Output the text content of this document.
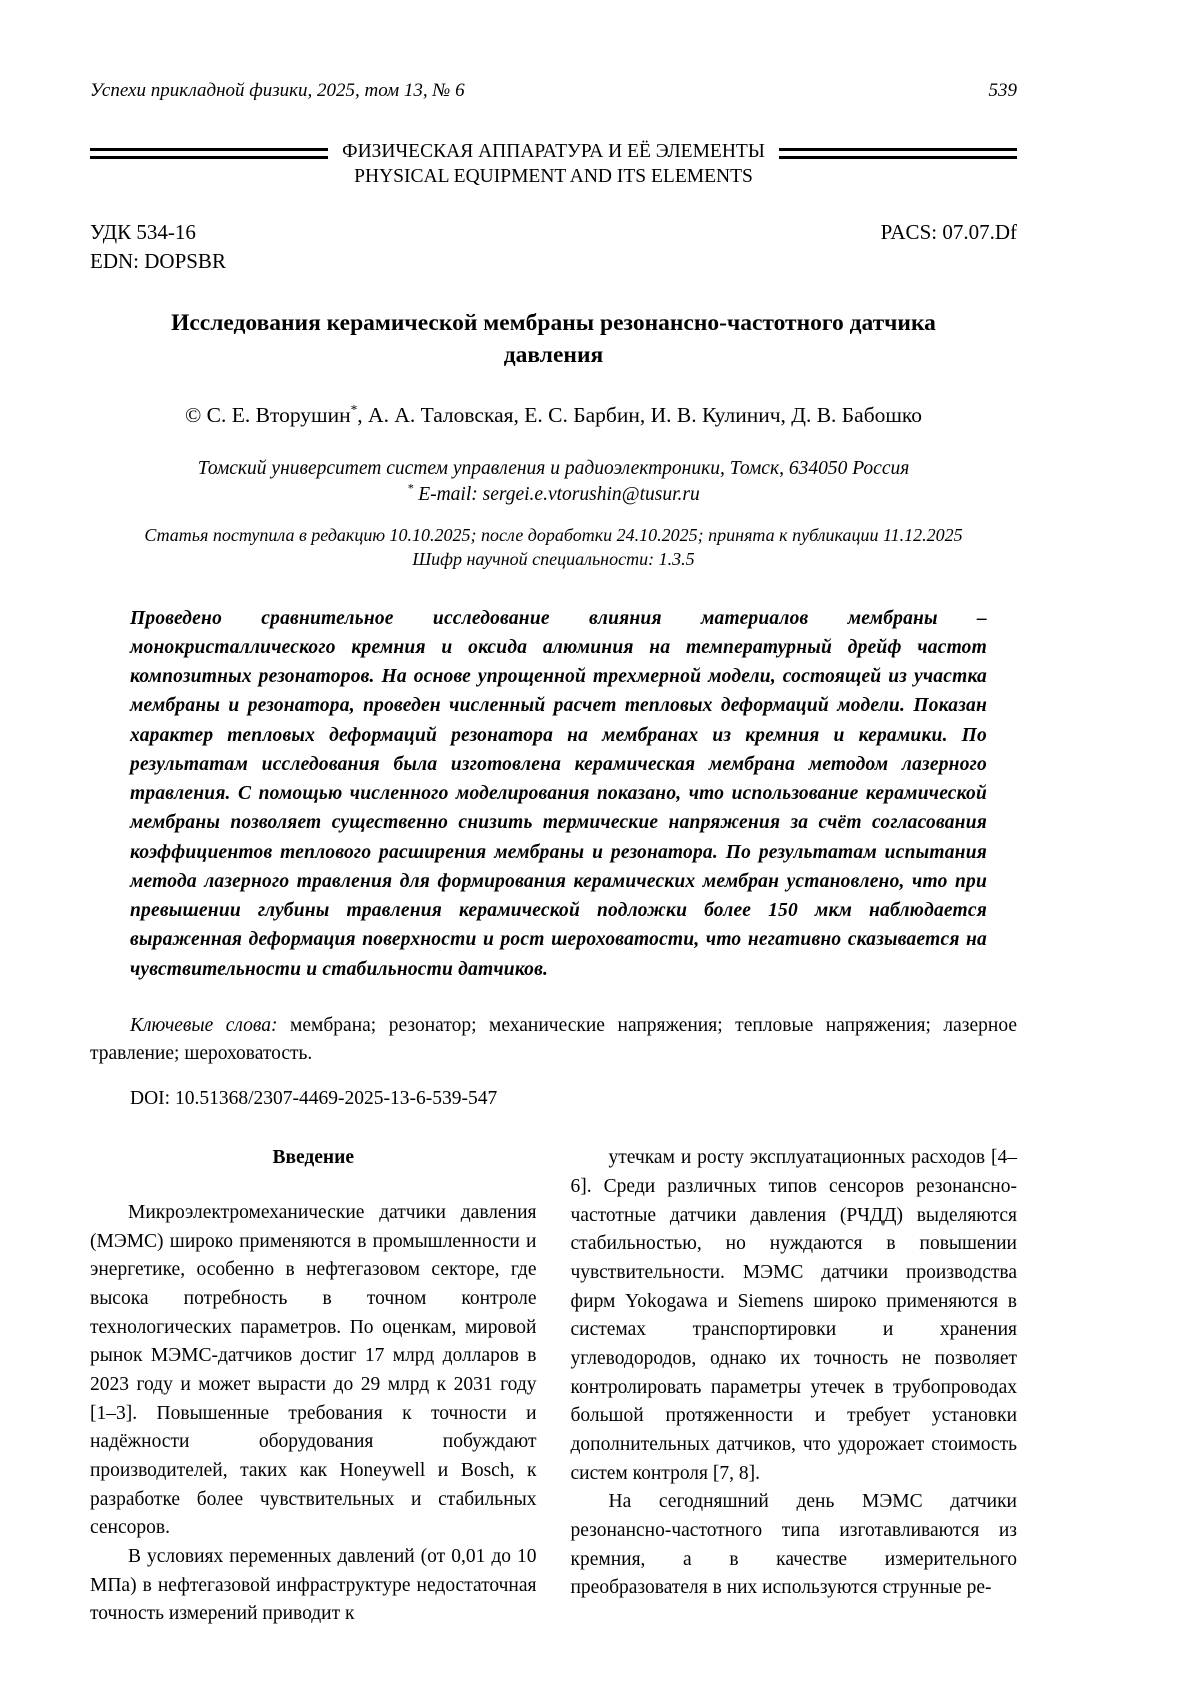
Успехи прикладной физики, 2025, том 13, № 6	539
ФИЗИЧЕСКАЯ АППАРАТУРА И ЕЁ ЭЛЕМЕНТЫ
PHYSICAL EQUIPMENT AND ITS ELEMENTS
УДК 534-16	PACS: 07.07.Df
EDN: DOPSBR
Исследования керамической мембраны резонансно-частотного датчика давления
© С. Е. Вторушин*, А. А. Таловская, Е. С. Барбин, И. В. Кулинич, Д. В. Бабошко
Томский университет систем управления и радиоэлектроники, Томск, 634050 Россия
* E-mail: sergei.e.vtorushin@tusur.ru
Статья поступила в редакцию 10.10.2025; после доработки 24.10.2025; принята к публикации 11.12.2025
Шифр научной специальности: 1.3.5

Проведено сравнительное исследование влияния материалов мембраны – монокристаллического кремния и оксида алюминия на температурный дрейф частот композитных резонаторов. На основе упрощенной трехмерной модели, состоящей из участка мембраны и резонатора, проведен численный расчет тепловых деформаций модели. Показан характер тепловых деформаций резонатора на мембранах из кремния и керамики. По результатам исследования была изготовлена керамическая мембрана методом лазерного травления. С помощью численного моделирования показано, что использование керамической мембраны позволяет существенно снизить термические напряжения за счёт согласования коэффициентов теплового расширения мембраны и резонатора. По результатам испытания метода лазерного травления для формирования керамических мембран установлено, что при превышении глубины травления керамической подложки более 150 мкм наблюдается выраженная деформация поверхности и рост шероховатости, что негативно сказывается на чувствительности и стабильности датчиков.

Ключевые слова: мембрана; резонатор; механические напряжения; тепловые напряжения; лазерное травление; шероховатость.

DOI: 10.51368/2307-4469-2025-13-6-539-547

Введение

Микроэлектромеханические датчики давления (МЭМС) широко применяются в промышленности и энергетике, особенно в нефтегазовом секторе, где высока потребность в точном контроле технологических параметров. По оценкам, мировой рынок МЭМС-датчиков достиг 17 млрд долларов в 2023 году и может вырасти до 29 млрд к 2031 году [1–3]. Повышенные требования к точности и надёжности оборудования побуждают производителей, таких как Honeywell и Bosch, к разработке более чувствительных и стабильных сенсоров.

В условиях переменных давлений (от 0,01 до 10 МПа) в нефтегазовой инфраструктуре недостаточная точность измерений приводит к

утечкам и росту эксплуатационных расходов [4–6]. Среди различных типов сенсоров резонансно-частотные датчики давления (РЧДД) выделяются стабильностью, но нуждаются в повышении чувствительности. МЭМС датчики производства фирм Yokogawa и Siemens широко применяются в системах транспортировки и хранения углеводородов, однако их точность не позволяет контролировать параметры утечек в трубопроводах большой протяженности и требует установки дополнительных датчиков, что удорожает стоимость систем контроля [7, 8].

На сегодняшний день МЭМС датчики резонансно-частотного типа изготавливаются из кремния, а в качестве измерительного преобразователя в них используются струнные ре-
